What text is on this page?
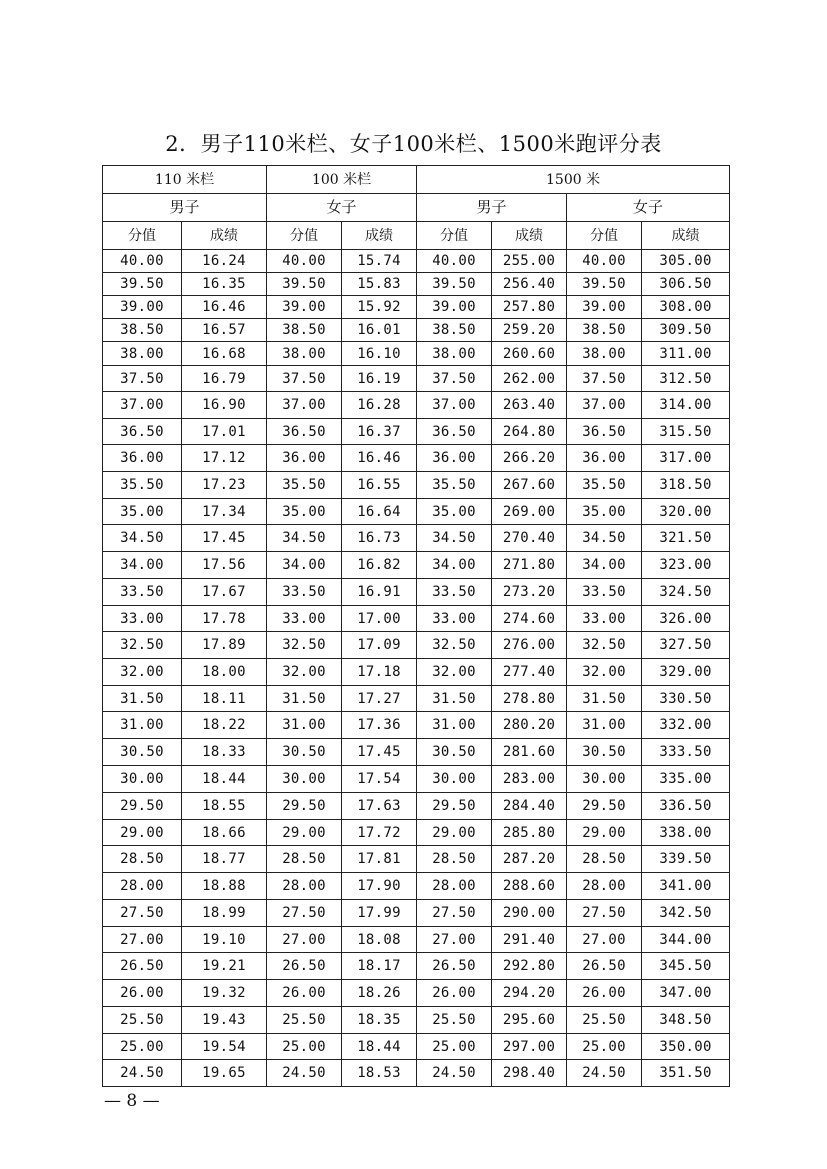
2．男子110米栏、女子100米栏、1500米跑评分表
110 米栏		100 米栏		1500 米			
男子		女子		男子		女子	
分值	成绩	分值	成绩	分值	成绩	分值	成绩
40.00	16.24	40.00	15.74	40.00	255.00	40.00	305.00
39.50	16.35	39.50	15.83	39.50	256.40	39.50	306.50
39.00	16.46	39.00	15.92	39.00	257.80	39.00	308.00
38.50	16.57	38.50	16.01	38.50	259.20	38.50	309.50
38.00	16.68	38.00	16.10	38.00	260.60	38.00	311.00
37.50	16.79	37.50	16.19	37.50	262.00	37.50	312.50
37.00	16.90	37.00	16.28	37.00	263.40	37.00	314.00
36.50	17.01	36.50	16.37	36.50	264.80	36.50	315.50
36.00	17.12	36.00	16.46	36.00	266.20	36.00	317.00
35.50	17.23	35.50	16.55	35.50	267.60	35.50	318.50
35.00	17.34	35.00	16.64	35.00	269.00	35.00	320.00
34.50	17.45	34.50	16.73	34.50	270.40	34.50	321.50
34.00	17.56	34.00	16.82	34.00	271.80	34.00	323.00
33.50	17.67	33.50	16.91	33.50	273.20	33.50	324.50
33.00	17.78	33.00	17.00	33.00	274.60	33.00	326.00
32.50	17.89	32.50	17.09	32.50	276.00	32.50	327.50
32.00	18.00	32.00	17.18	32.00	277.40	32.00	329.00
31.50	18.11	31.50	17.27	31.50	278.80	31.50	330.50
31.00	18.22	31.00	17.36	31.00	280.20	31.00	332.00
30.50	18.33	30.50	17.45	30.50	281.60	30.50	333.50
30.00	18.44	30.00	17.54	30.00	283.00	30.00	335.00
29.50	18.55	29.50	17.63	29.50	284.40	29.50	336.50
29.00	18.66	29.00	17.72	29.00	285.80	29.00	338.00
28.50	18.77	28.50	17.81	28.50	287.20	28.50	339.50
28.00	18.88	28.00	17.90	28.00	288.60	28.00	341.00
27.50	18.99	27.50	17.99	27.50	290.00	27.50	342.50
27.00	19.10	27.00	18.08	27.00	291.40	27.00	344.00
26.50	19.21	26.50	18.17	26.50	292.80	26.50	345.50
26.00	19.32	26.00	18.26	26.00	294.20	26.00	347.00
25.50	19.43	25.50	18.35	25.50	295.60	25.50	348.50
25.00	19.54	25.00	18.44	25.00	297.00	25.00	350.00
24.50	19.65	24.50	18.53	24.50	298.40	24.50	351.50
— 8 —
